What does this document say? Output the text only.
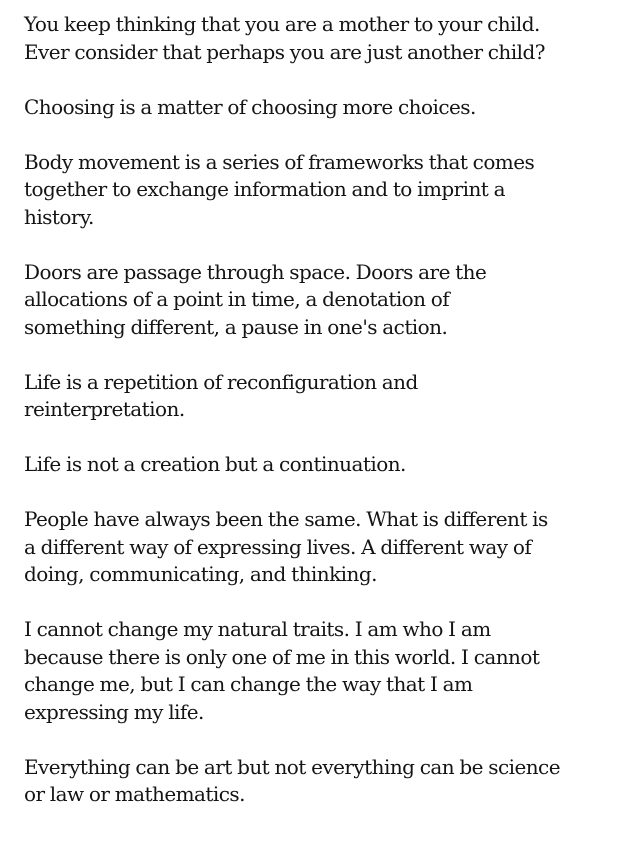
You keep thinking that you are a mother to your child.
Ever consider that perhaps you are just another child?

Choosing is a matter of choosing more choices.

Body movement is a series of frameworks that comes
together to exchange information and to imprint a
history.

Doors are passage through space. Doors are the
allocations of a point in time, a denotation of
something different, a pause in one's action.

Life is a repetition of reconfiguration and
reinterpretation.

Life is not a creation but a continuation.

People have always been the same. What is different is
a different way of expressing lives. A different way of
doing, communicating, and thinking.

I cannot change my natural traits. I am who I am
because there is only one of me in this world. I cannot
change me, but I can change the way that I am
expressing my life.

Everything can be art but not everything can be science
or law or mathematics.
